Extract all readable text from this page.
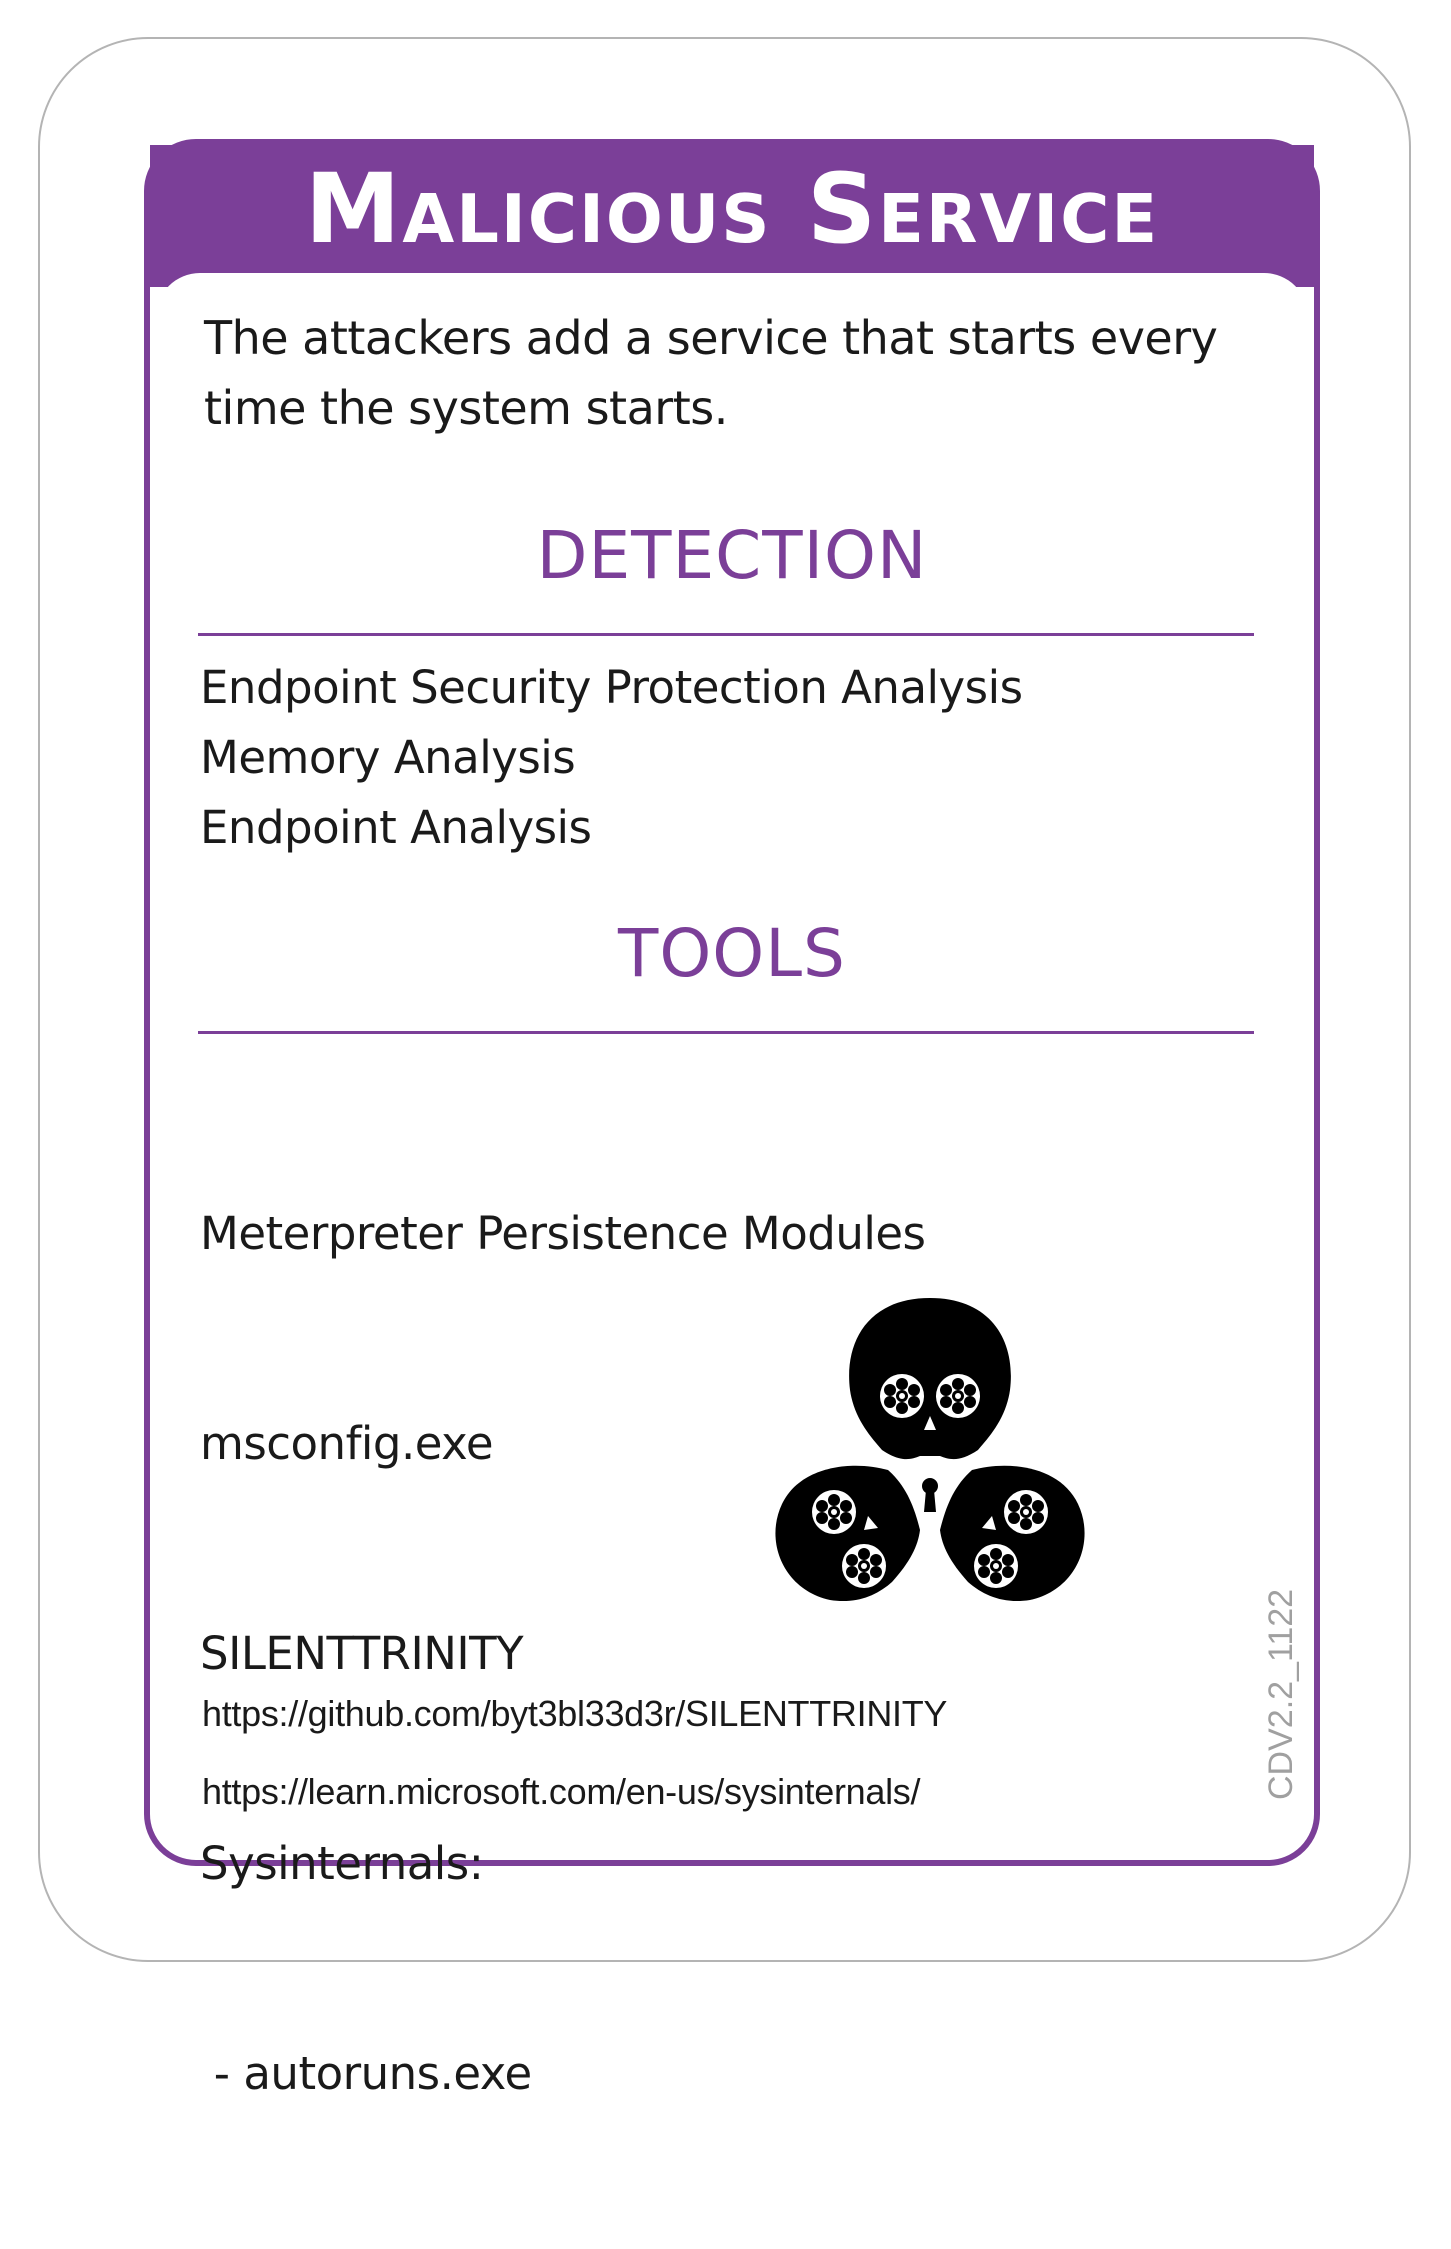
Malicious Service
The attackers add a service that starts every time the system starts.
DETECTION
Endpoint Security Protection Analysis
Memory Analysis
Endpoint Analysis
TOOLS

Meterpreter Persistence Modules

msconfig.exe

SILENTTRINITY

Sysinternals:

- autoruns.exe

https://github.com/byt3bl33d3r/SILENTTRINITY
https://learn.microsoft.com/en-us/sysinternals/	CDV2.2_1122
